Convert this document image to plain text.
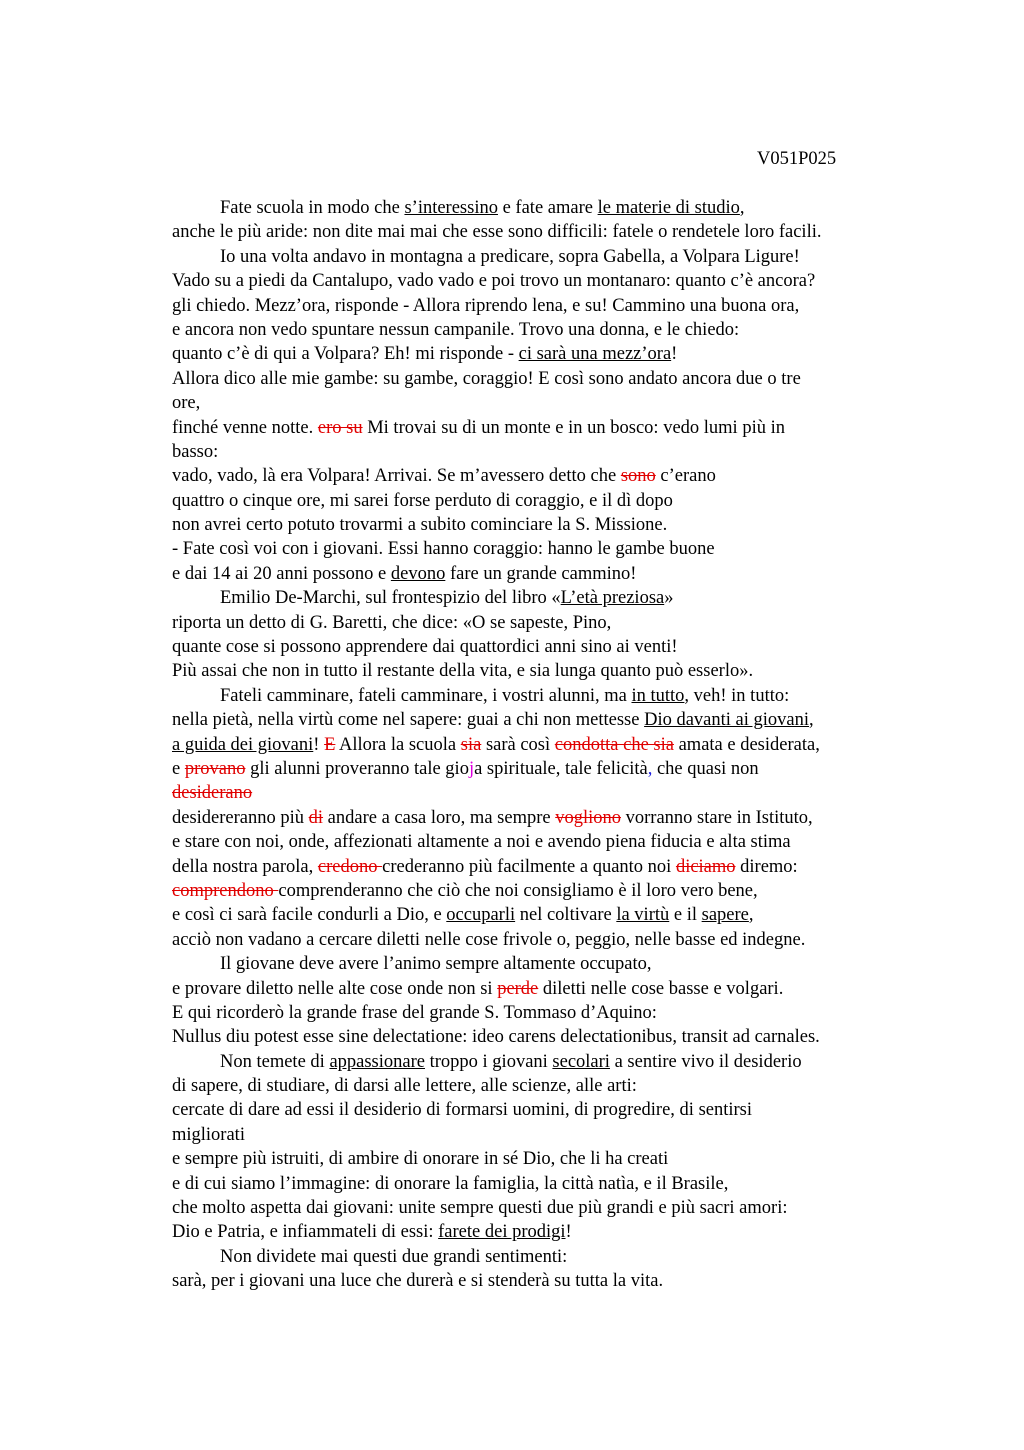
V051P025
Fate scuola in modo che s’interessino e fate amare le materie di studio,
anche le più aride: non dite mai mai che esse sono difficili: fatele o rendetele loro facili.
Io una volta andavo in montagna a predicare, sopra Gabella, a Volpara Ligure!
Vado su a piedi da Cantalupo, vado vado e poi trovo un montanaro: quanto c’è ancora?
gli chiedo. Mezz’ora, risponde - Allora riprendo lena, e su! Cammino una buona ora,
e ancora non vedo spuntare nessun campanile. Trovo una donna, e le chiedo:
quanto c’è di qui a Volpara? Eh! mi risponde - ci sarà una mezz’ora!
Allora dico alle mie gambe: su gambe, coraggio! E così sono andato ancora due o tre
ore,
finché venne notte. ero su Mi trovai su di un monte e in un bosco: vedo lumi più in
basso:
vado, vado, là era Volpara! Arrivai. Se m’avessero detto che sono c’erano
quattro o cinque ore, mi sarei forse perduto di coraggio, e il dì dopo
non avrei certo potuto trovarmi a subito cominciare la S. Missione.
- Fate così voi con i giovani. Essi hanno coraggio: hanno le gambe buone
e dai 14 ai 20 anni possono e devono fare un grande cammino!
Emilio De-Marchi, sul frontespizio del libro «L’età preziosa»
riporta un detto di G. Baretti, che dice: «O se sapeste, Pino,
quante cose si possono apprendere dai quattordici anni sino ai venti!
Più assai che non in tutto il restante della vita, e sia lunga quanto può esserlo».
Fateli camminare, fateli camminare, i vostri alunni, ma in tutto, veh! in tutto:
nella pietà, nella virtù come nel sapere: guai a chi non mettesse Dio davanti ai giovani,
a guida dei giovani! E Allora la scuola sia sarà così condotta che sia amata e desiderata,
e provano gli alunni proveranno tale gioja spirituale, tale felicità, che quasi non
desiderano
desidereranno più di andare a casa loro, ma sempre vogliono vorranno stare in Istituto,
e stare con noi, onde, affezionati altamente a noi e avendo piena fiducia e alta stima
della nostra parola, credono crederanno più facilmente a quanto noi diciamo diremo:
comprendono comprenderanno che ciò che noi consigliamo è il loro vero bene,
e così ci sarà facile condurli a Dio, e occuparli nel coltivare la virtù e il sapere,
acciò non vadano a cercare diletti nelle cose frivole o, peggio, nelle basse ed indegne.
Il giovane deve avere l’animo sempre altamente occupato,
e provare diletto nelle alte cose onde non si perde diletti nelle cose basse e volgari.
E qui ricorderò la grande frase del grande S. Tommaso d’Aquino:
Nullus diu potest esse sine delectatione: ideo carens delectationibus, transit ad carnales.
Non temete di appassionare troppo i giovani secolari a sentire vivo il desiderio
di sapere, di studiare, di darsi alle lettere, alle scienze, alle arti:
cercate di dare ad essi il desiderio di formarsi uomini, di progredire, di sentirsi
migliorati
e sempre più istruiti, di ambire di onorare in sé Dio, che li ha creati
e di cui siamo l’immagine: di onorare la famiglia, la città natìa, e il Brasile,
che molto aspetta dai giovani: unite sempre questi due più grandi e più sacri amori:
Dio e Patria, e infiammateli di essi: farete dei prodigi!
Non dividete mai questi due grandi sentimenti:
sarà, per i giovani una luce che durerà e si stenderà su tutta la vita.
